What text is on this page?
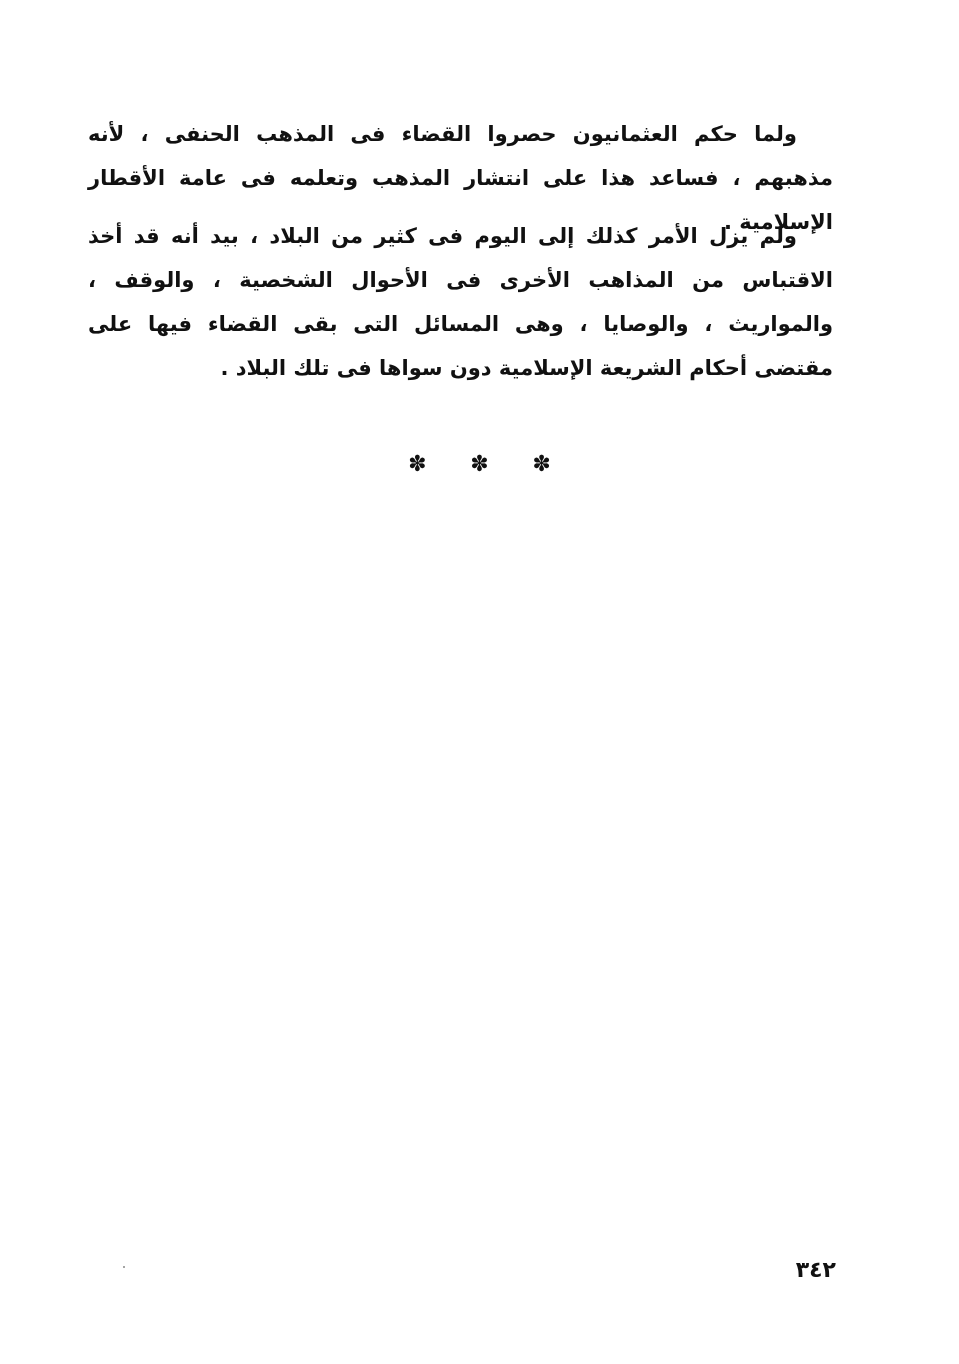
ولما حكم العثمانيون حصروا القضاء فى المذهب الحنفى ، لأنه مذهبهم ، فساعد هذا على انتشار المذهب وتعلمه فى عامة الأقطار الإسلامية .

ولم يزل الأمر كذلك إلى اليوم فى كثير من البلاد ، بيد أنه قد أخذ الاقتباس من المذاهب الأخرى فى الأحوال الشخصية ، والوقف ، والمواريث ، والوصايا ، وهى المسائل التى بقى القضاء فيها على مقتضى أحكام الشريعة الإسلامية دون سواها فى تلك البلاد .

✽ ✽ ✽
٣٤٢
